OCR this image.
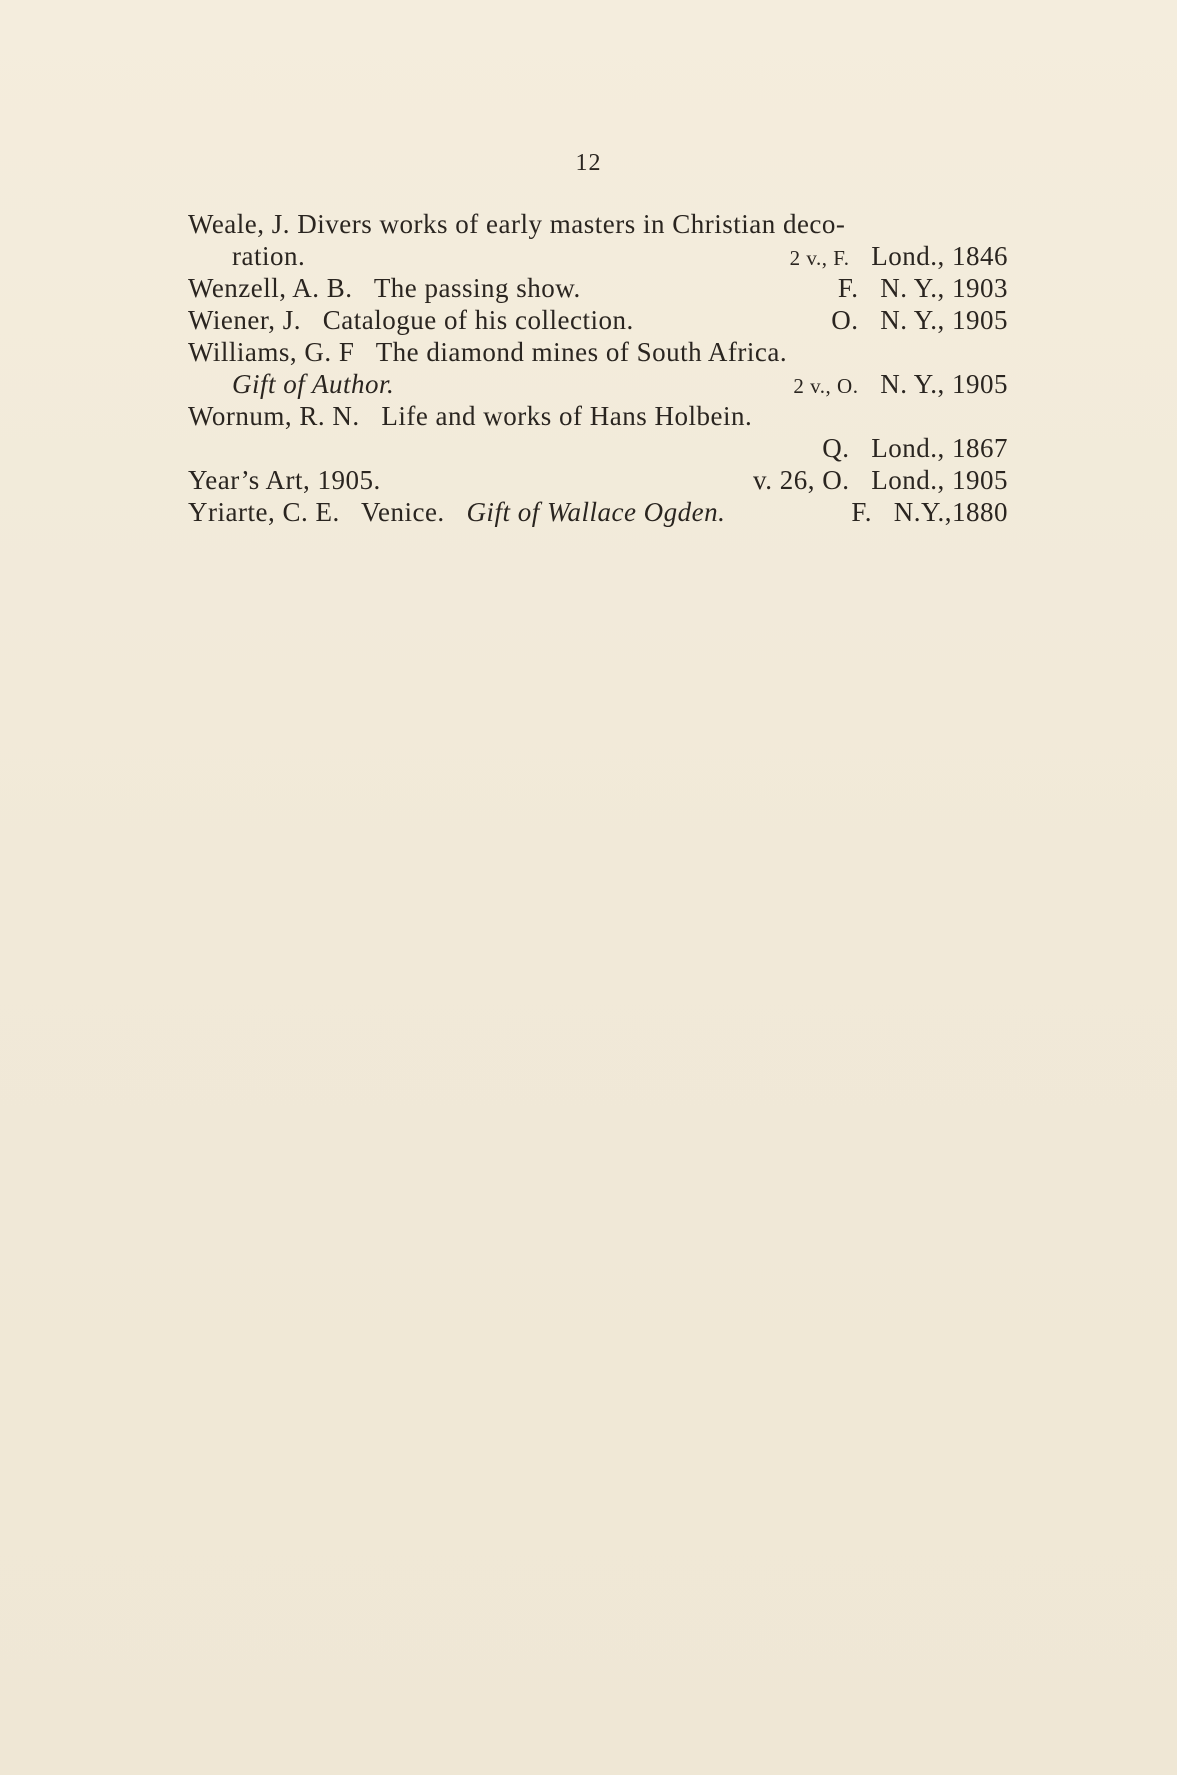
12
Weale, J. Divers works of early masters in Christian deco-
ration.	2 v., F. Lond., 1846
Wenzell, A. B. The passing show.	F. N. Y., 1903
Wiener, J. Catalogue of his collection.	O. N. Y., 1905
Williams, G. F The diamond mines of South Africa.
Gift of Author.	2 v., O. N. Y., 1905
Wornum, R. N. Life and works of Hans Holbein.
Q. Lond., 1867
Year’s Art, 1905.	v. 26, O. Lond., 1905
Yriarte, C. E. Venice. Gift of Wallace Ogden.	F. N.Y.,1880
